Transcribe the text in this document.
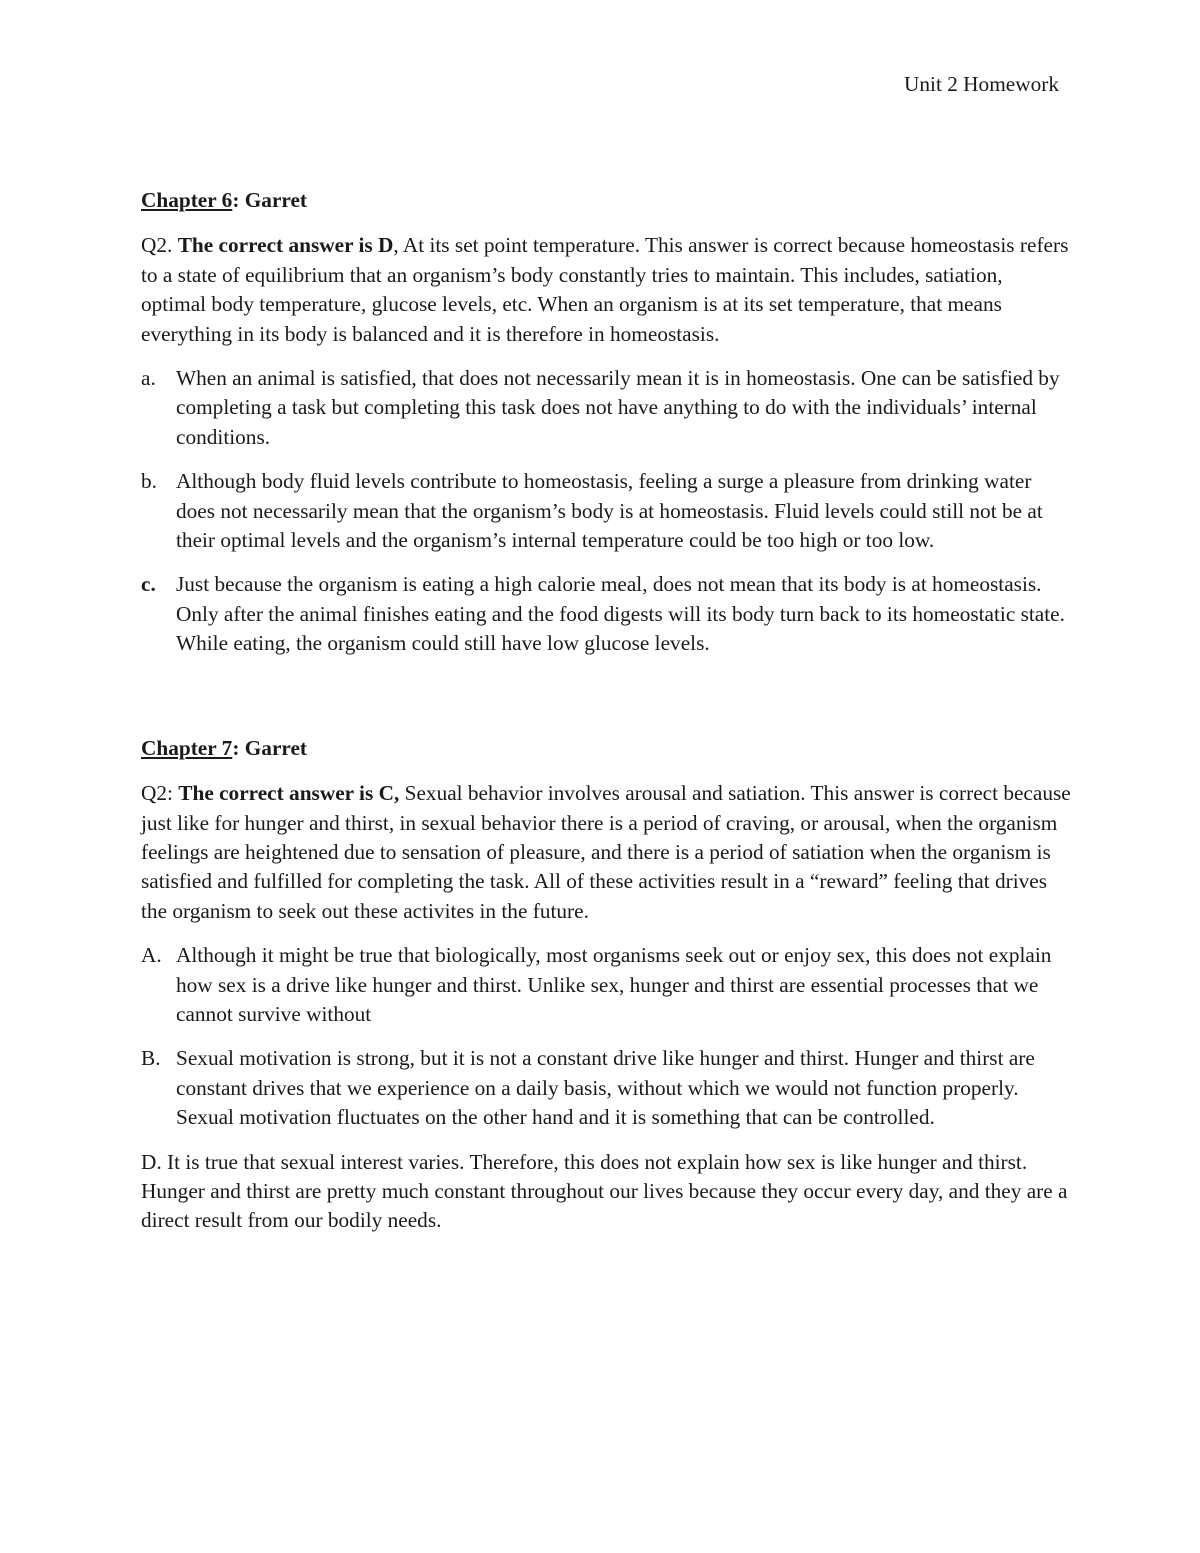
Unit 2 Homework
Chapter 6: Garret

Q2. The correct answer is D, At its set point temperature. This answer is correct because homeostasis refers to a state of equilibrium that an organism’s body constantly tries to maintain. This includes, satiation, optimal body temperature, glucose levels, etc. When an organism is at its set temperature, that means everything in its body is balanced and it is therefore in homeostasis.

a. When an animal is satisfied, that does not necessarily mean it is in homeostasis. One can be satisfied by completing a task but completing this task does not have anything to do with the individuals’ internal conditions.
b. Although body fluid levels contribute to homeostasis, feeling a surge a pleasure from drinking water does not necessarily mean that the organism’s body is at homeostasis. Fluid levels could still not be at their optimal levels and the organism’s internal temperature could be too high or too low.
c. Just because the organism is eating a high calorie meal, does not mean that its body is at homeostasis. Only after the animal finishes eating and the food digests will its body turn back to its homeostatic state. While eating, the organism could still have low glucose levels.
Chapter 7: Garret

Q2: The correct answer is C, Sexual behavior involves arousal and satiation. This answer is correct because just like for hunger and thirst, in sexual behavior there is a period of craving, or arousal, when the organism feelings are heightened due to sensation of pleasure, and there is a period of satiation when the organism is satisfied and fulfilled for completing the task. All of these activities result in a “reward” feeling that drives the organism to seek out these activites in the future.

A. Although it might be true that biologically, most organisms seek out or enjoy sex, this does not explain how sex is a drive like hunger and thirst. Unlike sex, hunger and thirst are essential processes that we cannot survive without
B. Sexual motivation is strong, but it is not a constant drive like hunger and thirst. Hunger and thirst are constant drives that we experience on a daily basis, without which we would not function properly. Sexual motivation fluctuates on the other hand and it is something that can be controlled.

D. It is true that sexual interest varies. Therefore, this does not explain how sex is like hunger and thirst. Hunger and thirst are pretty much constant throughout our lives because they occur every day, and they are a direct result from our bodily needs.
